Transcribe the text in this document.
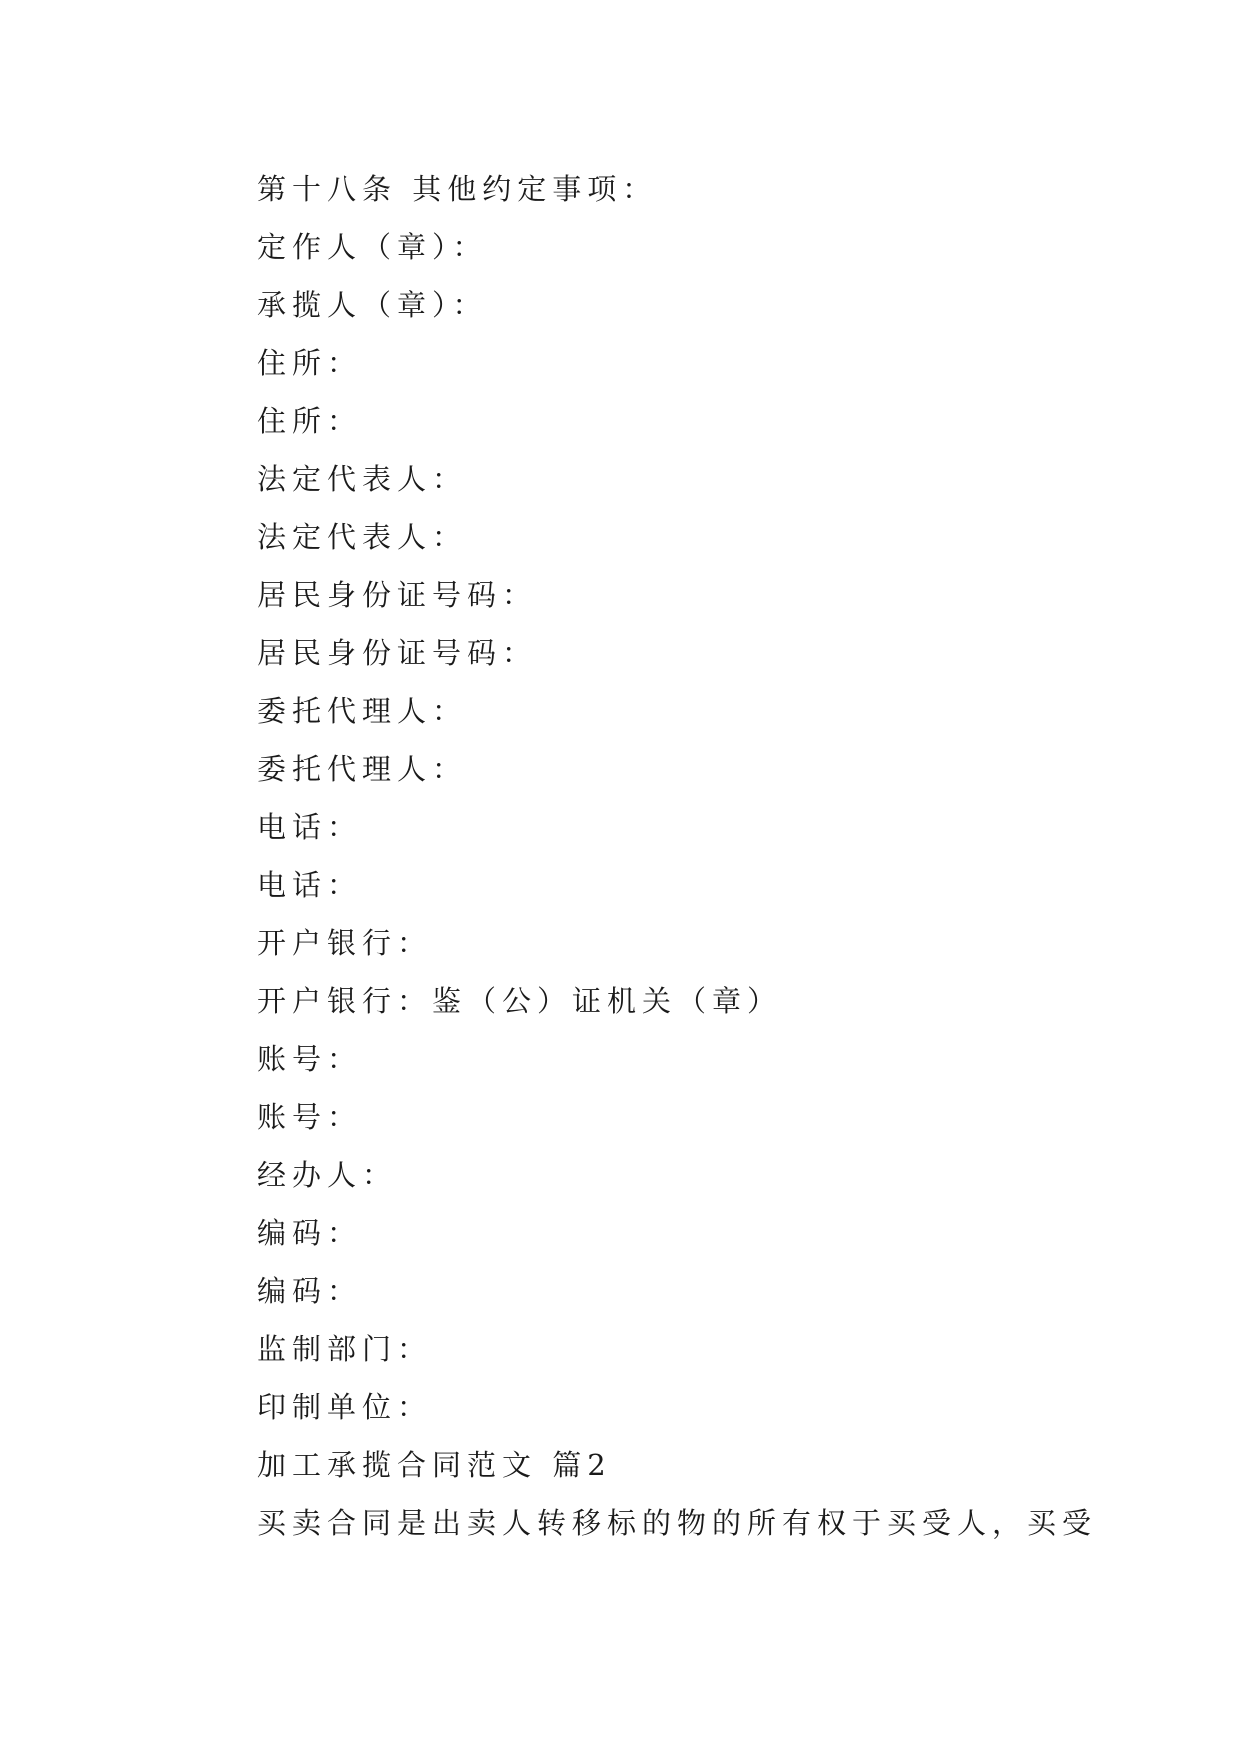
第十八条 其他约定事项：
定作人（章）：
承揽人（章）：
住所：
住所：
法定代表人：
法定代表人：
居民身份证号码：
居民身份证号码：
委托代理人：
委托代理人：
电话：
电话：
开户银行：
开户银行：鉴（公）证机关（章）
账号：
账号：
经办人：
编码：
编码：
监制部门：
印制单位：
加工承揽合同范文 篇2
买卖合同是出卖人转移标的物的所有权于买受人，买受
